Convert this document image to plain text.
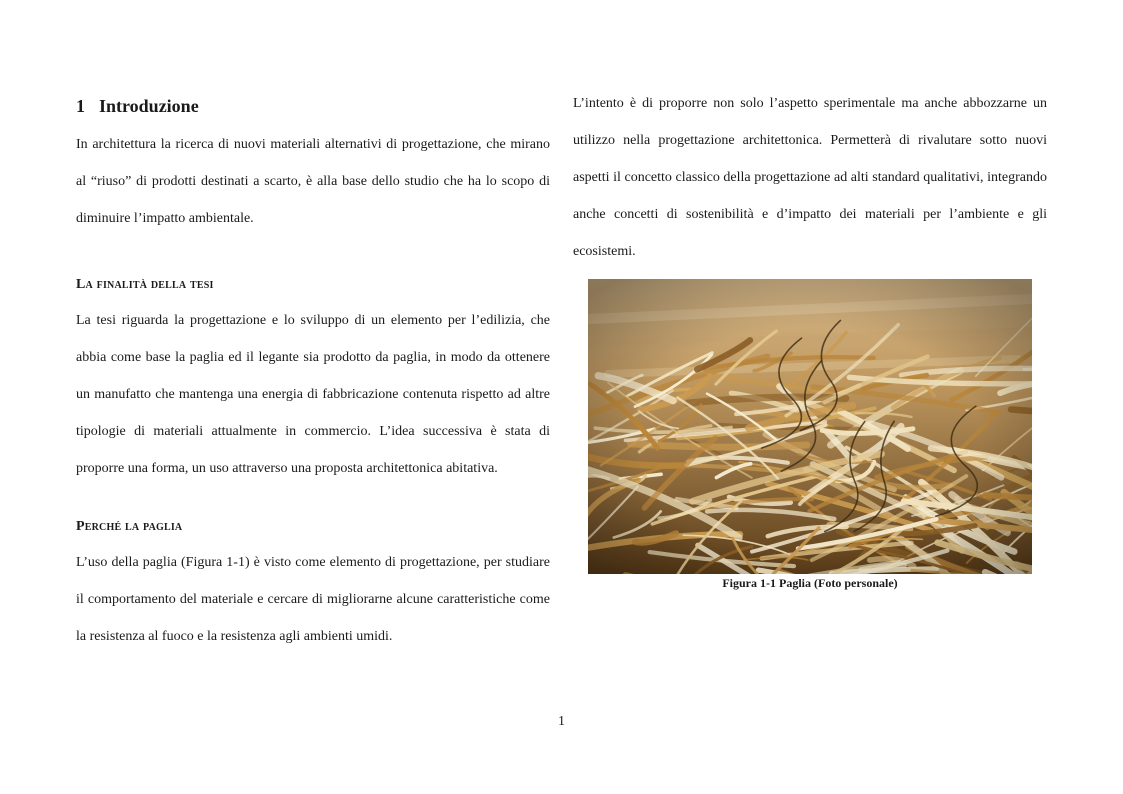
1 Introduzione

In architettura la ricerca di nuovi materiali alternativi di progettazione, che mirano al “riuso” di prodotti destinati a scarto, è alla base dello studio che ha lo scopo di diminuire l’impatto ambientale.

La finalità della tesi

La tesi riguarda la progettazione e lo sviluppo di un elemento per l’edilizia, che abbia come base la paglia ed il legante sia prodotto da paglia, in modo da ottenere un manufatto che mantenga una energia di fabbricazione contenuta rispetto ad altre tipologie di materiali attualmente in commercio. L’idea successiva è stata di proporre una forma, un uso attraverso una proposta architettonica abitativa.

Perché la paglia

L’uso della paglia (Figura 1-1) è visto come elemento di progettazione, per studiare il comportamento del materiale e cercare di migliorarne alcune caratteristiche come la resistenza al fuoco e la resistenza agli ambienti umidi.

L’intento è di proporre non solo l’aspetto sperimentale ma anche abbozzarne un utilizzo nella progettazione architettonica. Permetterà di rivalutare sotto nuovi aspetti il concetto classico della progettazione ad alti standard qualitativi, integrando anche concetti di sostenibilità e d’impatto dei materiali per l’ambiente e gli ecosistemi.

Figura 1-1 Paglia (Foto personale)
1
